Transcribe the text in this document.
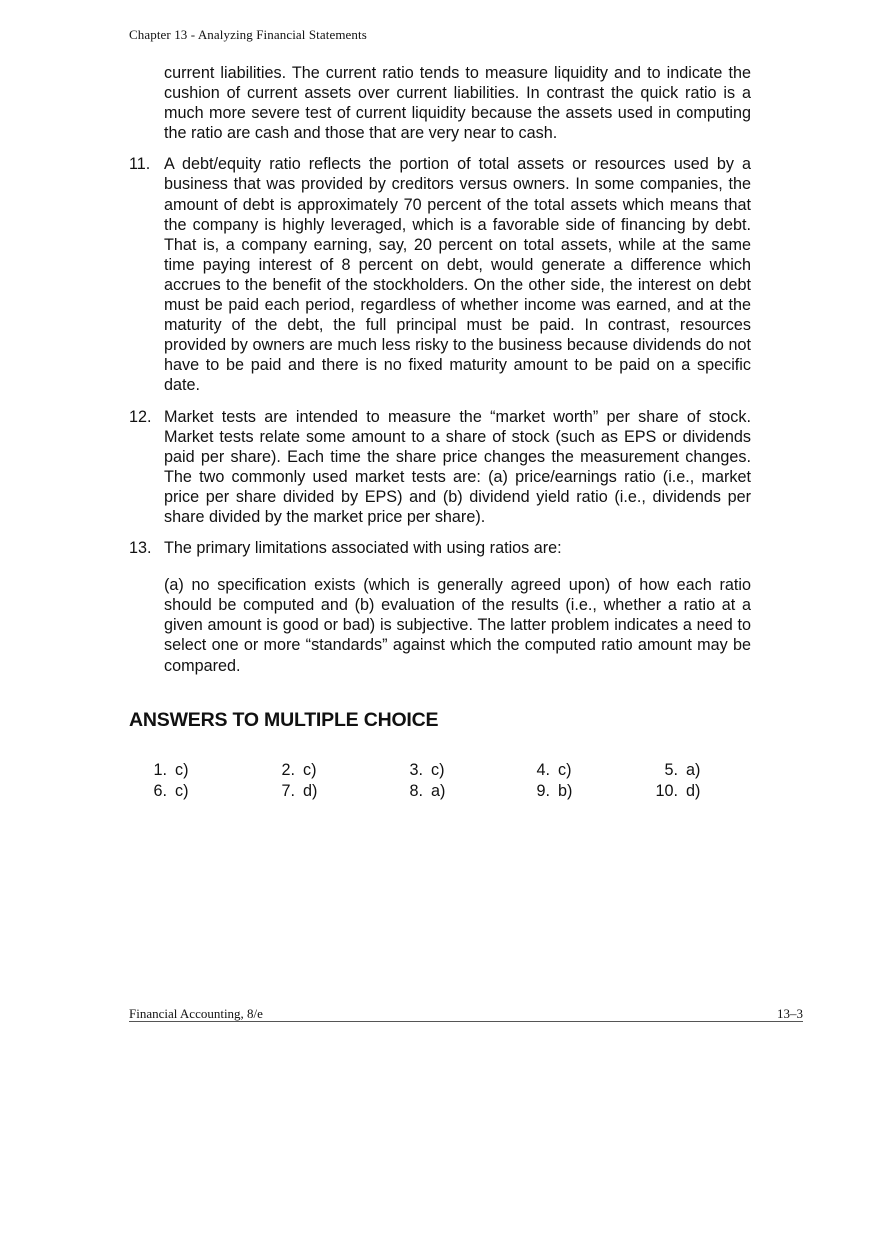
Chapter 13 - Analyzing Financial Statements

current liabilities. The current ratio tends to measure liquidity and to indicate the cushion of current assets over current liabilities. In contrast the quick ratio is a much more severe test of current liquidity because the assets used in computing the ratio are cash and those that are very near to cash.

11. A debt/equity ratio reflects the portion of total assets or resources used by a business that was provided by creditors versus owners. In some companies, the amount of debt is approximately 70 percent of the total assets which means that the company is highly leveraged, which is a favorable side of financing by debt. That is, a company earning, say, 20 percent on total assets, while at the same time paying interest of 8 percent on debt, would generate a difference which accrues to the benefit of the stockholders. On the other side, the interest on debt must be paid each period, regardless of whether income was earned, and at the maturity of the debt, the full principal must be paid. In contrast, resources provided by owners are much less risky to the business because dividends do not have to be paid and there is no fixed maturity amount to be paid on a specific date.
12. Market tests are intended to measure the “market worth” per share of stock. Market tests relate some amount to a share of stock (such as EPS or dividends paid per share). Each time the share price changes the measurement changes. The two commonly used market tests are: (a) price/earnings ratio (i.e., market price per share divided by EPS) and (b) dividend yield ratio (i.e., dividends per share divided by the market price per share).
13. The primary limitations associated with using ratios are:

(a) no specification exists (which is generally agreed upon) of how each ratio should be computed and (b) evaluation of the results (i.e., whether a ratio at a given amount is good or bad) is subjective. The latter problem indicates a need to select one or more “standards” against which the computed ratio amount may be compared.

ANSWERS TO MULTIPLE CHOICE
1. c)	2. c)	3. c)	4. c)	5. a)
6. c)	7. d)	8. a)	9. b)	10. d)
Financial Accounting, 8/e	13–3
